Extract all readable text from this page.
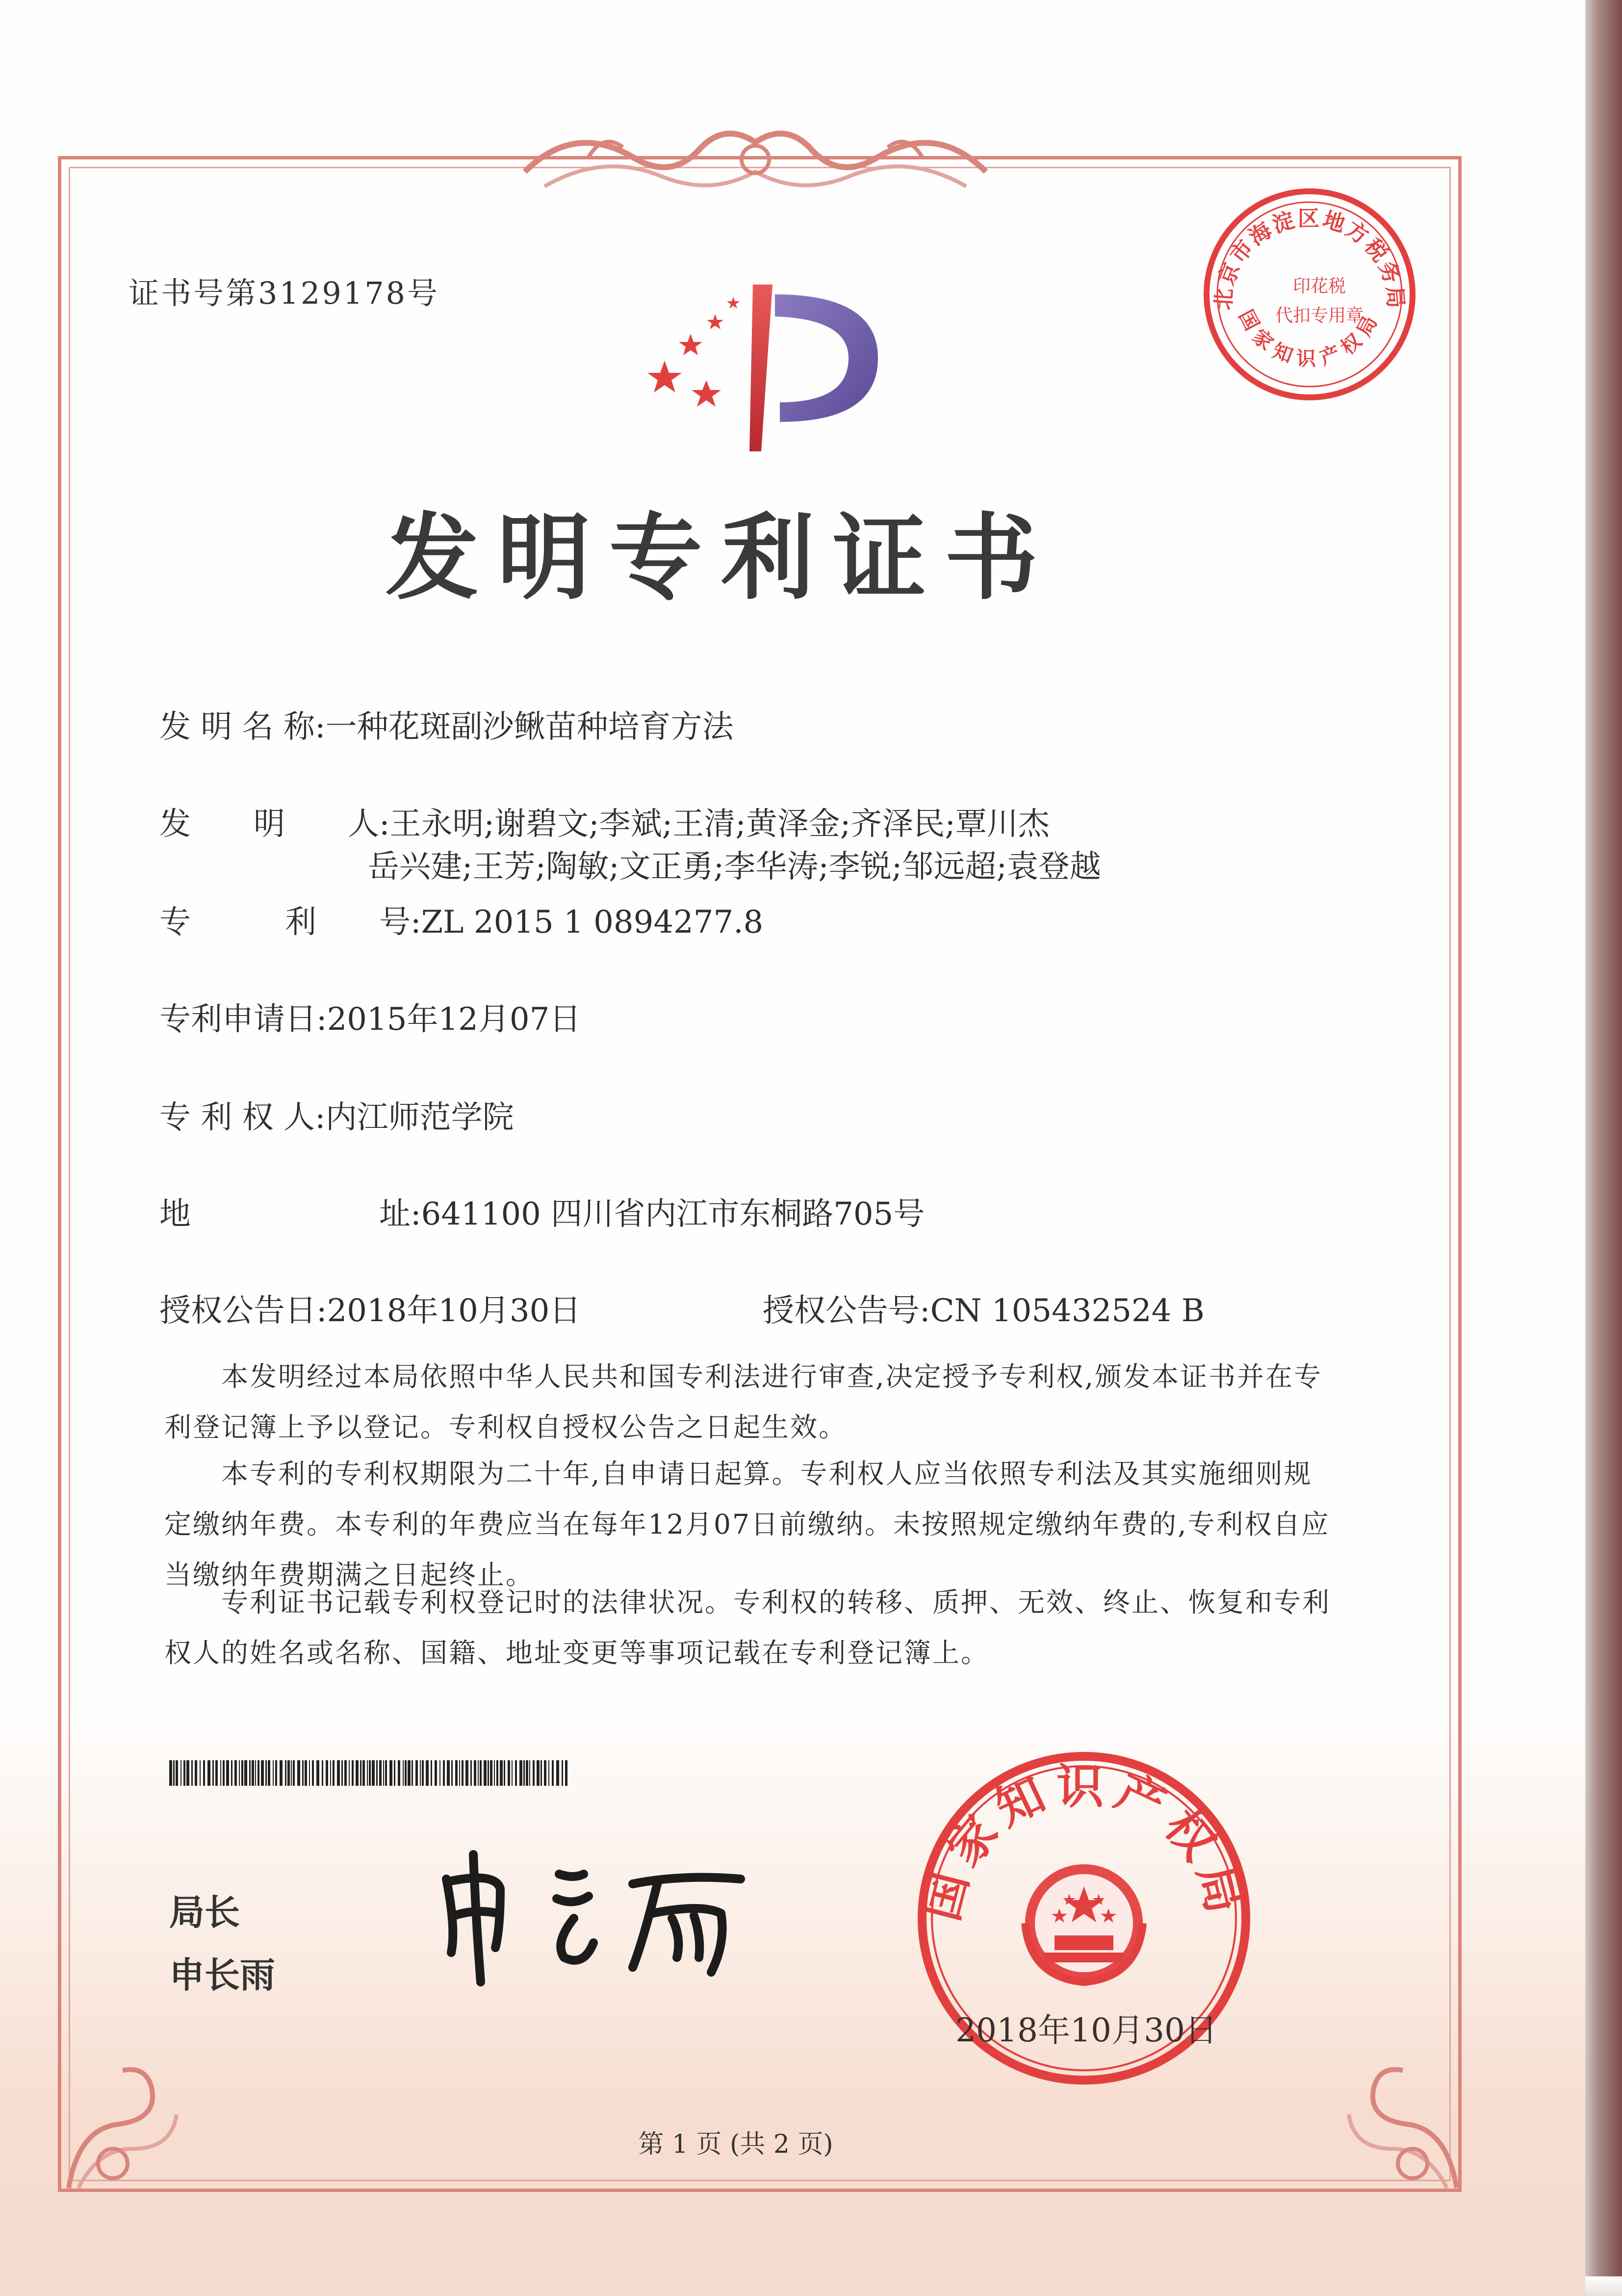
证书号第3129178号	北京市海淀区地方税务局
国家知识产权局
印花税
代扣专用章
发明专利证书
发 明 名 称:一种花斑副沙鳅苗种培育方法
发　　明　　人:王永明;谢碧文;李斌;王清;黄泽金;齐泽民;覃川杰
岳兴建;王芳;陶敏;文正勇;李华涛;李锐;邹远超;袁登越
专　　　利　　号:ZL 2015 1 0894277.8
专利申请日:2015年12月07日
专 利 权 人:内江师范学院
地　　　　　　址:641100 四川省内江市东桐路705号
授权公告日:2018年10月30日	授权公告号:CN 105432524 B
本发明经过本局依照中华人民共和国专利法进行审查,决定授予专利权,颁发本证书并在专利登记簿上予以登记。专利权自授权公告之日起生效。
本专利的专利权期限为二十年,自申请日起算。专利权人应当依照专利法及其实施细则规定缴纳年费。本专利的年费应当在每年12月07日前缴纳。未按照规定缴纳年费的,专利权自应当缴纳年费期满之日起终止。
专利证书记载专利权登记时的法律状况。专利权的转移、质押、无效、终止、恢复和专利权人的姓名或名称、国籍、地址变更等事项记载在专利登记簿上。
局长
申长雨
国家知识产权局
2018年10月30日
第 1 页 (共 2 页)
